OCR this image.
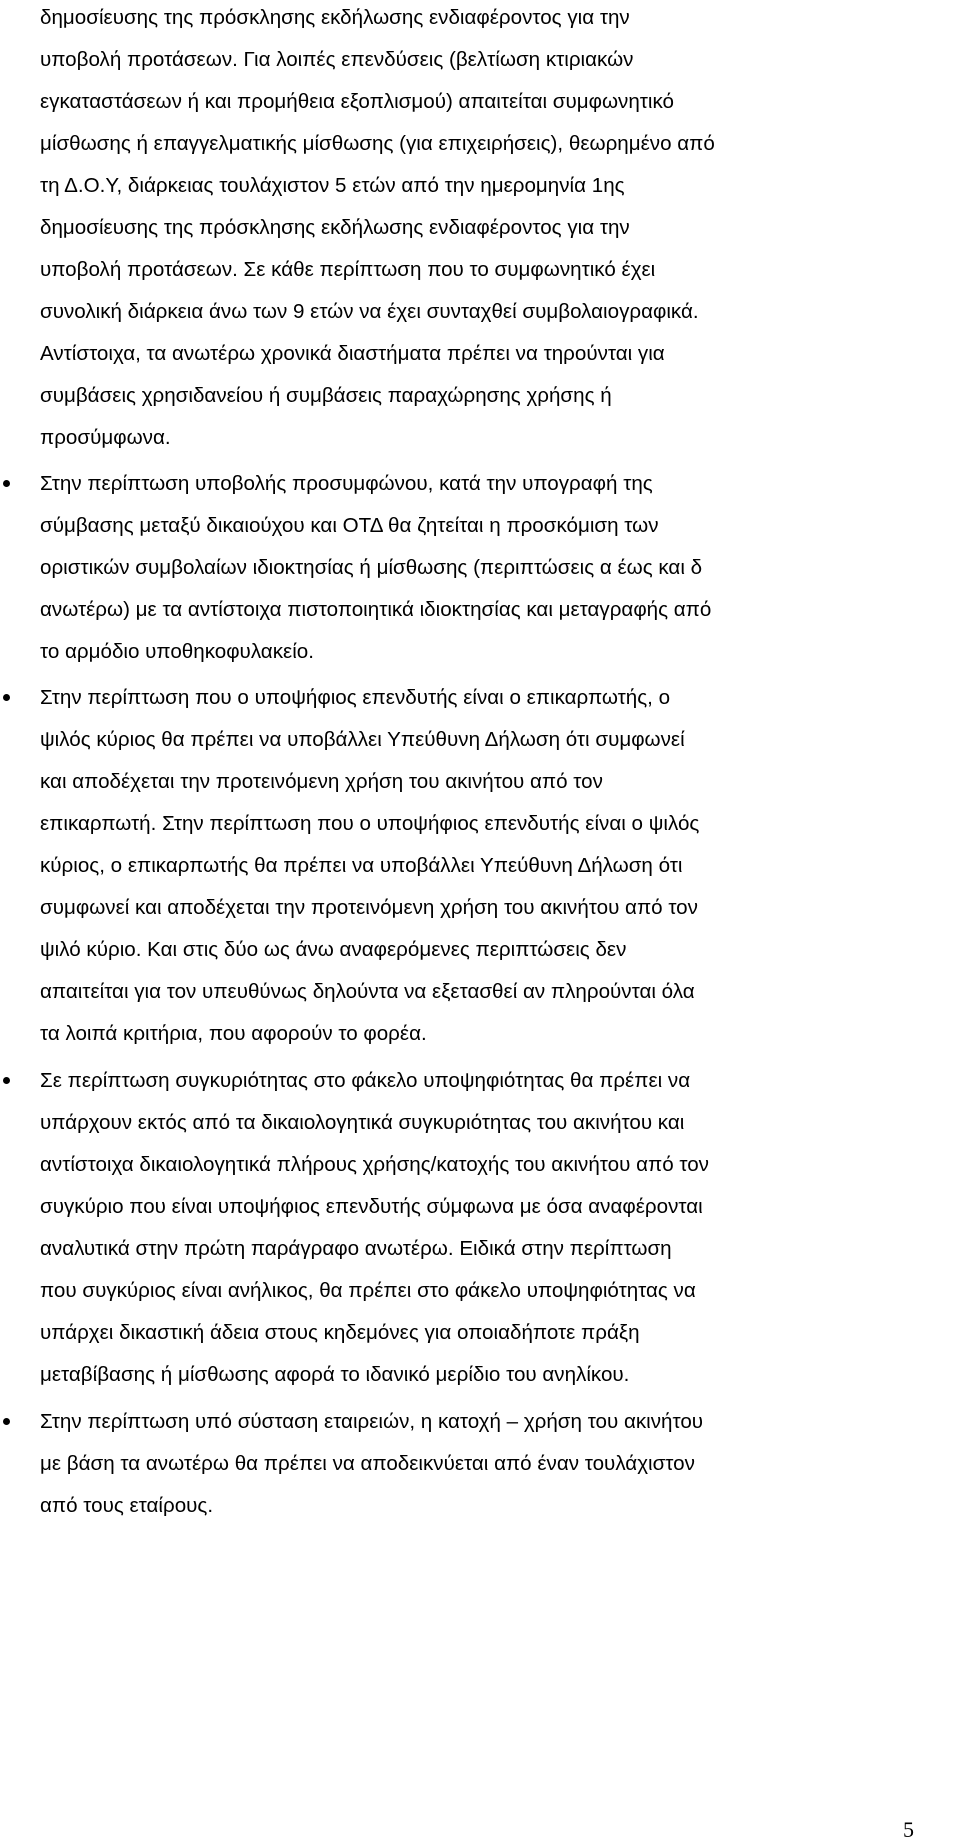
δημοσίευσης της πρόσκλησης εκδήλωσης ενδιαφέροντος για την
υποβολή προτάσεων. Για λοιπές επενδύσεις (βελτίωση κτιριακών
εγκαταστάσεων ή και προμήθεια εξοπλισμού) απαιτείται συμφωνητικό
μίσθωσης ή επαγγελματικής μίσθωσης (για επιχειρήσεις), θεωρημένο από
τη Δ.Ο.Υ, διάρκειας τουλάχιστον 5 ετών από την ημερομηνία 1ης
δημοσίευσης της πρόσκλησης εκδήλωσης ενδιαφέροντος για την
υποβολή προτάσεων. Σε κάθε περίπτωση που το συμφωνητικό έχει
συνολική διάρκεια άνω των 9 ετών να έχει συνταχθεί συμβολαιογραφικά.
Αντίστοιχα, τα ανωτέρω χρονικά διαστήματα πρέπει να τηρούνται για
συμβάσεις χρησιδανείου ή συμβάσεις παραχώρησης χρήσης ή
προσύμφωνα.
Στην περίπτωση υποβολής προσυμφώνου, κατά την υπογραφή της
σύμβασης μεταξύ δικαιούχου και ΟΤΔ θα ζητείται η προσκόμιση των
οριστικών συμβολαίων ιδιοκτησίας ή μίσθωσης (περιπτώσεις α έως και δ
ανωτέρω) με τα αντίστοιχα πιστοποιητικά ιδιοκτησίας και μεταγραφής από
το αρμόδιο υποθηκοφυλακείο.
Στην περίπτωση που ο υποψήφιος επενδυτής είναι ο επικαρπωτής, ο
ψιλός κύριος θα πρέπει να υποβάλλει Υπεύθυνη Δήλωση ότι συμφωνεί
και αποδέχεται την προτεινόμενη χρήση του ακινήτου από τον
επικαρπωτή. Στην περίπτωση που ο υποψήφιος επενδυτής είναι ο ψιλός
κύριος, ο επικαρπωτής θα πρέπει να υποβάλλει Υπεύθυνη Δήλωση ότι
συμφωνεί και αποδέχεται την προτεινόμενη χρήση του ακινήτου από τον
ψιλό κύριο. Και στις δύο ως άνω αναφερόμενες περιπτώσεις δεν
απαιτείται για τον υπευθύνως δηλούντα να εξετασθεί αν πληρούνται όλα
τα λοιπά κριτήρια, που αφορούν το φορέα.
Σε περίπτωση συγκυριότητας στο φάκελο υποψηφιότητας θα πρέπει να
υπάρχουν εκτός από τα δικαιολογητικά συγκυριότητας του ακινήτου και
αντίστοιχα δικαιολογητικά πλήρους χρήσης/κατοχής του ακινήτου από τον
συγκύριο που είναι υποψήφιος επενδυτής σύμφωνα με όσα αναφέρονται
αναλυτικά στην πρώτη παράγραφο ανωτέρω. Ειδικά στην περίπτωση
που συγκύριος είναι ανήλικος, θα πρέπει στο φάκελο υποψηφιότητας να
υπάρχει δικαστική άδεια στους κηδεμόνες για οποιαδήποτε πράξη
μεταβίβασης ή μίσθωσης αφορά το ιδανικό μερίδιο του ανηλίκου.
Στην περίπτωση υπό σύσταση εταιρειών, η κατοχή – χρήση του ακινήτου
με βάση τα ανωτέρω θα πρέπει να αποδεικνύεται από έναν τουλάχιστον
από τους εταίρους.
5
